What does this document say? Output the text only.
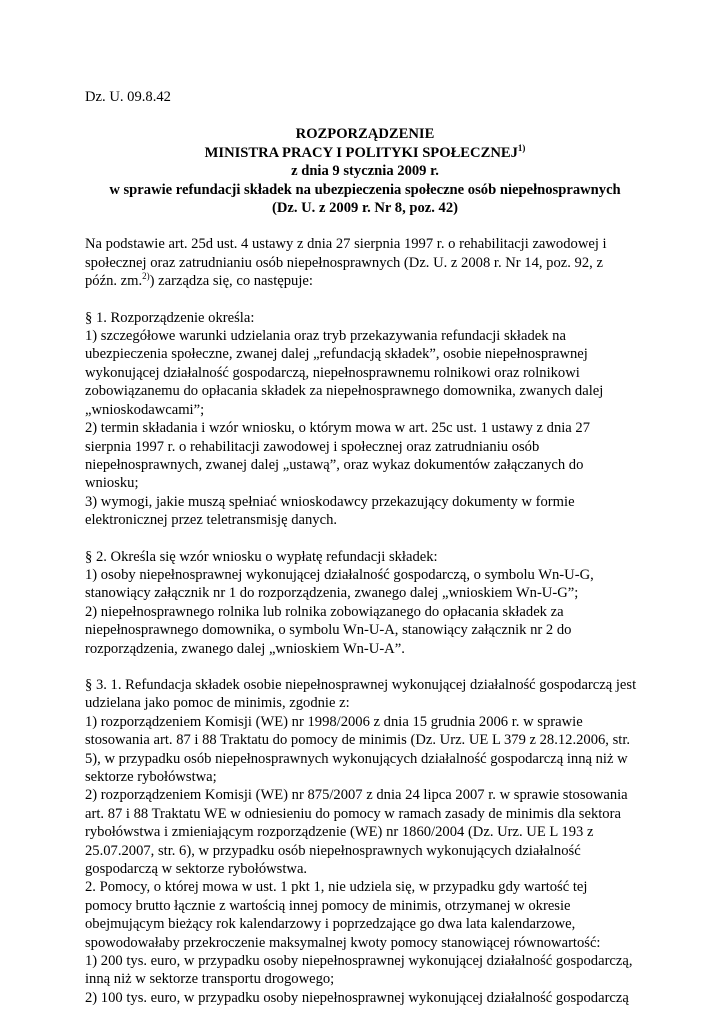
Dz. U. 09.8.42
ROZPORZĄDZENIE
MINISTRA PRACY I POLITYKI SPOŁECZNEJ$^{1)}$
z dnia 9 stycznia 2009 r.
w sprawie refundacji składek na ubezpieczenia społeczne osób niepełnosprawnych
(Dz. U. z 2009 r. Nr 8, poz. 42)
Na podstawie art. 25d ust. 4 ustawy z dnia 27 sierpnia 1997 r. o rehabilitacji zawodowej i
społecznej oraz zatrudnianiu osób niepełnosprawnych (Dz. U. z 2008 r. Nr 14, poz. 92, z
późn. zm.$^{2)}$) zarządza się, co następuje:
§ 1. Rozporządzenie określa:
1) szczegółowe warunki udzielania oraz tryb przekazywania refundacji składek na
ubezpieczenia społeczne, zwanej dalej „refundacją składek”, osobie niepełnosprawnej
wykonującej działalność gospodarczą, niepełnosprawnemu rolnikowi oraz rolnikowi
zobowiązanemu do opłacania składek za niepełnosprawnego domownika, zwanych dalej
„wnioskodawcami”;
2) termin składania i wzór wniosku, o którym mowa w art. 25c ust. 1 ustawy z dnia 27
sierpnia 1997 r. o rehabilitacji zawodowej i społecznej oraz zatrudnianiu osób
niepełnosprawnych, zwanej dalej „ustawą”, oraz wykaz dokumentów załączanych do
wniosku;
3) wymogi, jakie muszą spełniać wnioskodawcy przekazujący dokumenty w formie
elektronicznej przez teletransmisję danych.
§ 2. Określa się wzór wniosku o wypłatę refundacji składek:
1) osoby niepełnosprawnej wykonującej działalność gospodarczą, o symbolu Wn-U-G,
stanowiący załącznik nr 1 do rozporządzenia, zwanego dalej „wnioskiem Wn-U-G”;
2) niepełnosprawnego rolnika lub rolnika zobowiązanego do opłacania składek za
niepełnosprawnego domownika, o symbolu Wn-U-A, stanowiący załącznik nr 2 do
rozporządzenia, zwanego dalej „wnioskiem Wn-U-A”.
§ 3. 1. Refundacja składek osobie niepełnosprawnej wykonującej działalność gospodarczą jest
udzielana jako pomoc de minimis, zgodnie z:
1) rozporządzeniem Komisji (WE) nr 1998/2006 z dnia 15 grudnia 2006 r. w sprawie
stosowania art. 87 i 88 Traktatu do pomocy de minimis (Dz. Urz. UE L 379 z 28.12.2006, str.
5), w przypadku osób niepełnosprawnych wykonujących działalność gospodarczą inną niż w
sektorze rybołówstwa;
2) rozporządzeniem Komisji (WE) nr 875/2007 z dnia 24 lipca 2007 r. w sprawie stosowania
art. 87 i 88 Traktatu WE w odniesieniu do pomocy w ramach zasady de minimis dla sektora
rybołówstwa i zmieniającym rozporządzenie (WE) nr 1860/2004 (Dz. Urz. UE L 193 z
25.07.2007, str. 6), w przypadku osób niepełnosprawnych wykonujących działalność
gospodarczą w sektorze rybołówstwa.
2. Pomocy, o której mowa w ust. 1 pkt 1, nie udziela się, w przypadku gdy wartość tej
pomocy brutto łącznie z wartością innej pomocy de minimis, otrzymanej w okresie
obejmującym bieżący rok kalendarzowy i poprzedzające go dwa lata kalendarzowe,
spowodowałaby przekroczenie maksymalnej kwoty pomocy stanowiącej równowartość:
1) 200 tys. euro, w przypadku osoby niepełnosprawnej wykonującej działalność gospodarczą,
inną niż w sektorze transportu drogowego;
2) 100 tys. euro, w przypadku osoby niepełnosprawnej wykonującej działalność gospodarczą
